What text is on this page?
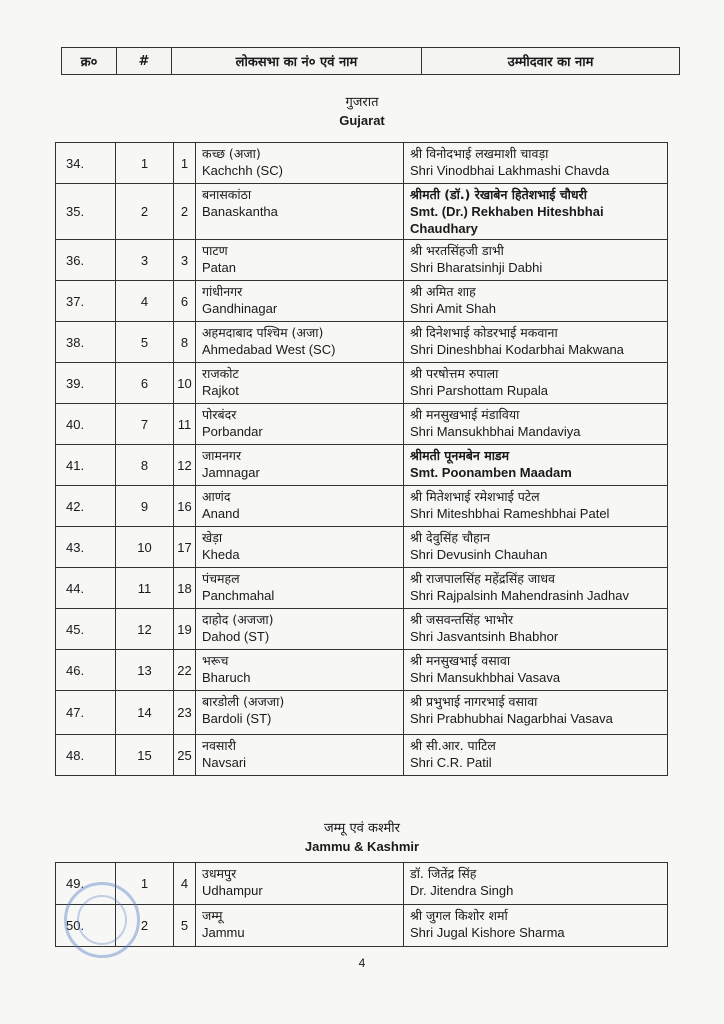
क्र०	#	लोकसभा का नं० एवं नाम	उम्मीदवार का नाम
गुजरात
Gujarat
34.	1	1	कच्छ (अजा)
Kachchh (SC)	श्री विनोदभाई लखमाशी चावड़ा
Shri Vinodbhai Lakhmashi Chavda

35.	2	2	बनासकांठा
Banaskantha	श्रीमती (डॉ.) रेखाबेन हितेशभाई चौधरी
Smt. (Dr.) Rekhaben Hiteshbhai Chaudhary

36.	3	3	पाटण
Patan	श्री भरतसिंहजी डाभी
Shri Bharatsinhji Dabhi

37.	4	6	गांधीनगर
Gandhinagar	श्री अमित शाह
Shri Amit Shah

38.	5	8	अहमदाबाद पश्चिम (अजा)
Ahmedabad West (SC)	श्री दिनेशभाई कोडरभाई मकवाना
Shri Dineshbhai Kodarbhai Makwana

39.	6	10	राजकोट
Rajkot	श्री परषोत्तम रुपाला
Shri Parshottam Rupala

40.	7	11	पोरबंदर
Porbandar	श्री मनसुखभाई मंडाविया
Shri Mansukhbhai Mandaviya

41.	8	12	जामनगर
Jamnagar	श्रीमती पूनमबेन माडम
Smt. Poonamben Maadam

42.	9	16	आणंद
Anand	श्री मितेशभाई रमेशभाई पटेल
Shri Miteshbhai Rameshbhai Patel

43.	10	17	खेड़ा
Kheda	श्री देवुसिंह चौहान
Shri Devusinh Chauhan

44.	11	18	पंचमहल
Panchmahal	श्री राजपालसिंह महेंद्रसिंह जाधव
Shri Rajpalsinh Mahendrasinh Jadhav

45.	12	19	दाहोद (अजजा)
Dahod (ST)	श्री जसवन्तसिंह भाभोर
Shri Jasvantsinh Bhabhor

46.	13	22	भरूच
Bharuch	श्री मनसुखभाई वसावा
Shri Mansukhbhai Vasava

47.	14	23	बारडोली (अजजा)
Bardoli (ST)	श्री प्रभुभाई नागरभाई वसावा
Shri Prabhubhai Nagarbhai Vasava

48.	15	25	नवसारी
Navsari	श्री सी.आर. पाटिल
Shri C.R. Patil
जम्मू एवं कश्मीर
Jammu & Kashmir
49.	1	4	उधमपुर
Udhampur	डॉ. जितेंद्र सिंह
Dr. Jitendra Singh

50.	2	5	जम्मू
Jammu	श्री जुगल किशोर शर्मा
Shri Jugal Kishore Sharma
4
